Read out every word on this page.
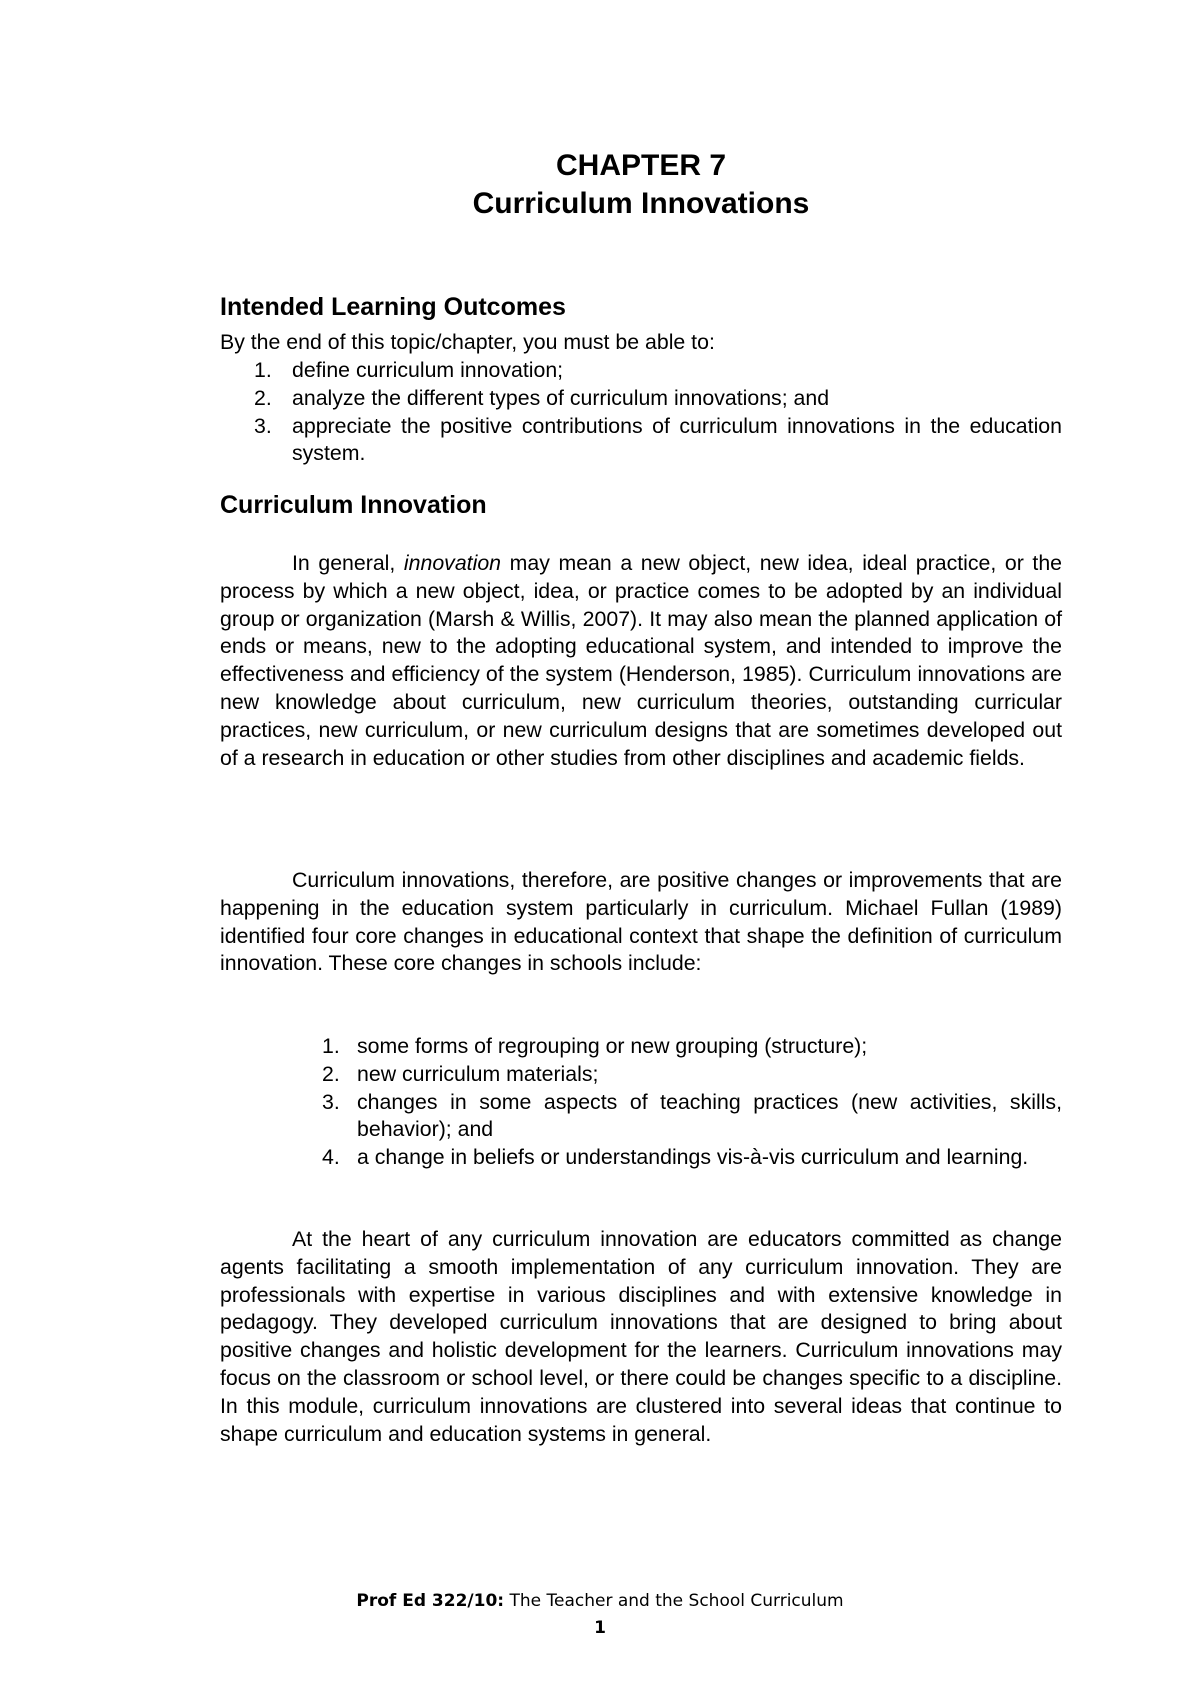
CHAPTER 7
Curriculum Innovations
Intended Learning Outcomes
By the end of this topic/chapter, you must be able to:
1. define curriculum innovation;
2. analyze the different types of curriculum innovations; and
3. appreciate the positive contributions of curriculum innovations in the education system.
Curriculum Innovation

In general, innovation may mean a new object, new idea, ideal practice, or the process by which a new object, idea, or practice comes to be adopted by an individual group or organization (Marsh & Willis, 2007). It may also mean the planned application of ends or means, new to the adopting educational system, and intended to improve the effectiveness and efficiency of the system (Henderson, 1985). Curriculum innovations are new knowledge about curriculum, new curriculum theories, outstanding curricular practices, new curriculum, or new curriculum designs that are sometimes developed out of a research in education or other studies from other disciplines and academic fields.

Curriculum innovations, therefore, are positive changes or improvements that are happening in the education system particularly in curriculum. Michael Fullan (1989) identified four core changes in educational context that shape the definition of curriculum innovation. These core changes in schools include:

1. some forms of regrouping or new grouping (structure);
2. new curriculum materials;
3. changes in some aspects of teaching practices (new activities, skills, behavior); and
4. a change in beliefs or understandings vis-à-vis curriculum and learning.

At the heart of any curriculum innovation are educators committed as change agents facilitating a smooth implementation of any curriculum innovation. They are professionals with expertise in various disciplines and with extensive knowledge in pedagogy. They developed curriculum innovations that are designed to bring about positive changes and holistic development for the learners. Curriculum innovations may focus on the classroom or school level, or there could be changes specific to a discipline. In this module, curriculum innovations are clustered into several ideas that continue to shape curriculum and education systems in general.

Prof Ed 322/10: The Teacher and the School Curriculum
1
